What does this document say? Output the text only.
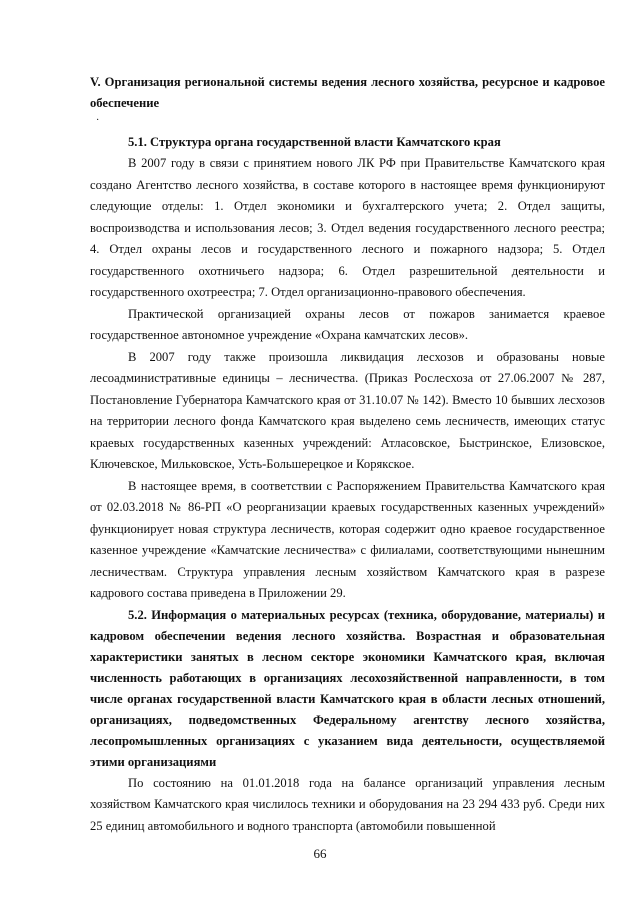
V. Организация региональной системы ведения лесного хозяйства, ресурсное и кадровое обеспечение

·

5.1. Структура органа государственной власти Камчатского края

В 2007 году в связи с принятием нового ЛК РФ при Правительстве Камчатского края создано Агентство лесного хозяйства, в составе которого в настоящее время функционируют следующие отделы: 1. Отдел экономики и бухгалтерского учета; 2. Отдел защиты, воспроизводства и использования лесов; 3. Отдел ведения государственного лесного реестра; 4. Отдел охраны лесов и государственного лесного и пожарного надзора; 5. Отдел государственного охотничьего надзора; 6. Отдел разрешительной деятельности и государственного охотреестра; 7. Отдел организационно-правового обеспечения.

Практической организацией охраны лесов от пожаров занимается краевое государственное автономное учреждение «Охрана камчатских лесов».

В 2007 году также произошла ликвидация лесхозов и образованы новые лесоадминистративные единицы – лесничества. (Приказ Рослесхоза от 27.06.2007 № 287, Постановление Губернатора Камчатского края от 31.10.07 № 142). Вместо 10 бывших лесхозов на территории лесного фонда Камчатского края выделено семь лесничеств, имеющих статус краевых государственных казенных учреждений: Атласовское, Быстринское, Елизовское, Ключевское, Мильковское, Усть-Большерецкое и Корякское.

В настоящее время, в соответствии с Распоряжением Правительства Камчатского края от 02.03.2018 № 86-РП «О реорганизации краевых государственных казенных учреждений» функционирует новая структура лесничеств, которая содержит одно краевое государственное казенное учреждение «Камчатские лесничества» с филиалами, соответствующими нынешним лесничествам. Структура управления лесным хозяйством Камчатского края в разрезе кадрового состава приведена в Приложении 29.

5.2. Информация о материальных ресурсах (техника, оборудование, материалы) и кадровом обеспечении ведения лесного хозяйства. Возрастная и образовательная характеристики занятых в лесном секторе экономики Камчатского края, включая численность работающих в организациях лесохозяйственной направленности, в том числе органах государственной власти Камчатского края в области лесных отношений, организациях, подведомственных Федеральному агентству лесного хозяйства, лесопромышленных организациях с указанием вида деятельности, осуществляемой этими организациями

По состоянию на 01.01.2018 года на балансе организаций управления лесным хозяйством Камчатского края числилось техники и оборудования на 23 294 433 руб. Среди них 25 единиц автомобильного и водного транспорта (автомобили повышенной

66
